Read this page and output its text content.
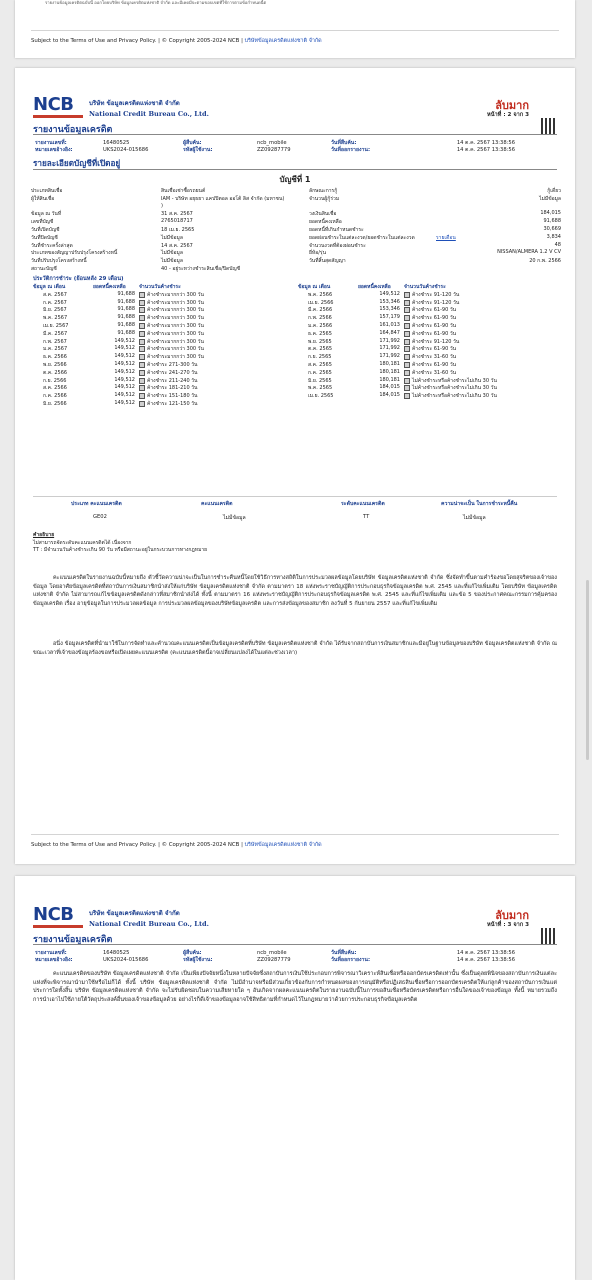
รายงานข้อมูลเครดิตฉบับนี้ ออกโดยบริษัท ข้อมูลเครดิตแห่งชาติ จำกัด และมีเคดมีจะตามขอบเขตที่ใช้การตามข้อกำหนดนี้ต
Subject to the Terms of Use and Privacy Policy. | © Copyright 2005-2024 NCB | บริษัทข้อมูลเครดิตแห่งชาติ จำกัด
NCB	บริษัท ข้อมูลเครดิตแห่งชาติ จำกัด
National Credit Bureau Co., Ltd.
ลับมาก
หน้าที่ : 2 จาก 3
รายงานข้อมูลเครดิต
รายงานเลขที่:	16480525	ผู้สืบค้น:	ncb_mobile	วันที่สืบค้น:	14 ต.ค. 2567 13:38:56
หมายเลขอ้างอิง:	UKS2024-015686	รหัสผู้ใช้งาน:	ZZ09287779	วันที่ออกรายงาน:	14 ต.ค. 2567 13:38:56
รายละเอียดบัญชีที่เปิดอยู่
บัญชีที่ 1
ประเภทสินเชื่อ	สินเชื่อเช่าซื้อรถยนต์	ลักษณะการกู้	กู้เดี่ยว
ผู้ให้สินเชื่อ	IAM - บริษัท อยุธยา แคปปิตอล ออโต้ ลิส จำกัด (มหาชน)	จำนวนผู้กู้ร่วม	ไม่มีข้อมูล
)
ข้อมูล ณ วันที่	31 ส.ค. 2567	วงเงินสินเชื่อ	184,015
เลขที่บัญชี	2765018717	ยอดหนี้คงเหลือ	91,688
วันที่เปิดบัญชี	18 เม.ย. 2565	ยอดหนี้ที่เกินกำหนดชำระ	30,669
วันที่ปิดบัญชี	ไม่มีข้อมูล	ยอดผ่อนชำระในแต่ละงวด/ยอดชำระในแต่ละงวด	รายเดือน	3,834
วันที่ชำระครั้งล่าสุด	14 ส.ค. 2567	จำนวนงวดที่ต้องผ่อนชำระ	48
ประเภทของสัญญาปรับปรุงโครงสร้างหนี้	ไม่มีข้อมูล	ยี่ห้อ/รุ่น	NISSAN/ALMERA 1.2 V CV
วันที่ปรับปรุงโครงสร้างหนี้	ไม่มีข้อมูล	วันที่สิ้นสุดสัญญา	20 ก.พ. 2566
สถานะบัญชี	40 - อยู่ระหว่างชำระสินเชื่อ/ปิดบัญชี
ประวัติการชำระ (ย้อนหลัง 29 เดือน)
ข้อมูล ณ เดือน	ยอดหนี้คงเหลือ	จำนวนวันค้างชำระ
ส.ค. 2567	91,688 ค้างชำระมากกว่า 300 วัน
ก.ค. 2567	91,688 ค้างชำระมากกว่า 300 วัน
มิ.ย. 2567	91,688 ค้างชำระมากกว่า 300 วัน
พ.ค. 2567	91,688 ค้างชำระมากกว่า 300 วัน
เม.ย. 2567	91,688 ค้างชำระมากกว่า 300 วัน
มี.ค. 2567	91,688 ค้างชำระมากกว่า 300 วัน
ก.พ. 2567	149,512 ค้างชำระมากกว่า 300 วัน
ม.ค. 2567	149,512 ค้างชำระมากกว่า 300 วัน
ธ.ค. 2566	149,512 ค้างชำระมากกว่า 300 วัน
พ.ย. 2566	149,512 ค้างชำระ 271-300 วัน
ต.ค. 2566	149,512 ค้างชำระ 241-270 วัน
ก.ย. 2566	149,512 ค้างชำระ 211-240 วัน
ส.ค. 2566	149,512 ค้างชำระ 181-210 วัน
ก.ค. 2566	149,512 ค้างชำระ 151-180 วัน
มิ.ย. 2566	149,512 ค้างชำระ 121-150 วัน
ข้อมูล ณ เดือน	ยอดหนี้คงเหลือ	จำนวนวันค้างชำระ
พ.ค. 2566	149,512 ค้างชำระ 91-120 วัน
เม.ย. 2566	153,346 ค้างชำระ 91-120 วัน
มี.ค. 2566	153,346 ค้างชำระ 61-90 วัน
ก.พ. 2566	157,179 ค้างชำระ 61-90 วัน
ม.ค. 2566	161,013 ค้างชำระ 61-90 วัน
ธ.ค. 2565	164,847 ค้างชำระ 61-90 วัน
พ.ย. 2565	171,992 ค้างชำระ 91-120 วัน
ต.ค. 2565	171,992 ค้างชำระ 61-90 วัน
ก.ย. 2565	171,992 ค้างชำระ 31-60 วัน
ส.ค. 2565	180,181 ค้างชำระ 61-90 วัน
ก.ค. 2565	180,181 ค้างชำระ 31-60 วัน
มิ.ย. 2565	180,181 ไม่ค้างชำระหรือค้างชำระไม่เกิน 30 วัน
พ.ค. 2565	184,015 ไม่ค้างชำระหรือค้างชำระไม่เกิน 30 วัน
เม.ย. 2565	184,015 ไม่ค้างชำระหรือค้างชำระไม่เกิน 30 วัน
ประเภท คะแนนเครดิต	คะแนนเครดิต	ระดับคะแนนเครดิต	ความน่าจะเป็น ในการชำระหนี้คืน
GE02	ไม่มีข้อมูล	TT	ไม่มีข้อมูล
คำอธิบาย
ไม่สามารถจัดระดับคะแนนเครดิตได้ เนื่องจาก
TT : มีจำนวนวันค้างชำระเกิน 90 วัน หรือมีสถานะอยู่ในกระบวนการทางกฎหมาย
คะแนนเครดิตในรายงานฉบับนี้หมายถึง ตัวชี้วัดความน่าจะเป็นในการชำระคืนหนี้โดยใช้วิธีการทางสถิติในการประมวลผลข้อมูลโดยบริษัท ข้อมูลเครดิตแห่งชาติ จำกัด ซึ่งจัดทำขึ้นตามคำร้องขอโดยสุจริตของเจ้าของข้อมูล โดยอาศัยข้อมูลเครดิตที่สถาบันการเงินสมาชิกนำส่งให้แก่บริษัท ข้อมูลเครดิตแห่งชาติ จำกัด ตามมาตรา 18 แห่งพระราชบัญญัติการประกอบธุรกิจข้อมูลเครดิต พ.ศ. 2545 และที่แก้ไขเพิ่มเติม โดยบริษัท ข้อมูลเครดิตแห่งชาติ จำกัด ไม่สามารถแก้ไขข้อมูลเครดิตดังกล่าวที่สมาชิกนำส่งได้ ทั้งนี้ ตามมาตรา 16 แห่งพระราชบัญญัติการประกอบธุรกิจข้อมูลเครดิต พ.ศ. 2545 และที่แก้ไขเพิ่มเติม และข้อ 5 ของประกาศคณะกรรมการคุ้มครองข้อมูลเครดิต เรื่อง อายุข้อมูลในการประมวลผลข้อมูล การประมวลผลข้อมูลของบริษัทข้อมูลเครดิต และการส่งข้อมูลของสมาชิก ลงวันที่ 5 กันยายน 2557 และที่แก้ไขเพิ่มเติม
อนึ่ง ข้อมูลเครดิตที่นำมาใช้ในการจัดทำและคำนวณคะแนนเครดิตเป็นข้อมูลเครดิตที่บริษัท ข้อมูลเครดิตแห่งชาติ จำกัด ได้รับจากสถาบันการเงินสมาชิกและมีอยู่ในฐานข้อมูลของบริษัท ข้อมูลเครดิตแห่งชาติ จำกัด ณ ขณะเวลาที่เจ้าของข้อมูลร้องขอหรือเปิดเผยคะแนนเครดิต (คะแนนเครดิตนี้อาจเปลี่ยนแปลงได้ในแต่ละช่วงเวลา)
Subject to the Terms of Use and Privacy Policy. | © Copyright 2005-2024 NCB | บริษัทข้อมูลเครดิตแห่งชาติ จำกัด
NCB	บริษัท ข้อมูลเครดิตแห่งชาติ จำกัด
National Credit Bureau Co., Ltd.
ลับมาก
หน้าที่ : 3 จาก 3
รายงานข้อมูลเครดิต
รายงานเลขที่:	16480525	ผู้สืบค้น:	ncb_mobile	วันที่สืบค้น:	14 ต.ค. 2567 13:38:56
หมายเลขอ้างอิง:	UKS2024-015686	รหัสผู้ใช้งาน:	ZZ09287779	วันที่ออกรายงาน:	14 ต.ค. 2567 13:38:56
คะแนนเครดิตของบริษัท ข้อมูลเครดิตแห่งชาติ จำกัด เป็นเพียงปัจจัยหนึ่งในหลายปัจจัยซึ่งสถาบันการเงินใช้ประกอบการพิจารณาวิเคราะห์สินเชื่อหรือออกบัตรเครดิตเท่านั้น ซึ่งเป็นดุลยพินิจของสถาบันการเงินแต่ละแห่งที่จะพิจารณานำมาใช้หรือไม่ก็ได้ ทั้งนี้ บริษัท ข้อมูลเครดิตแห่งชาติ จำกัด ไม่มีอำนาจหรือมีส่วนเกี่ยวข้องกับการกำหนดผลของการอนุมัติหรือปฏิเสธสินเชื่อหรือการออกบัตรเครดิตให้แก่ลูกค้าของสถาบันการเงินแต่ประการใดทั้งสิ้น บริษัท ข้อมูลเครดิตแห่งชาติ จำกัด จะไม่รับผิดชอบในความเสียหายใด ๆ อันเกิดจากผลคะแนนเครดิตในรายงานฉบับนี้ในการขอสินเชื่อหรือบัตรเครดิตหรือการอื่นใดของเจ้าของข้อมูล ทั้งนี้ หมายรวมถึงการนำเอาไปใช้ภายใต้วัตถุประสงค์อื่นของเจ้าของข้อมูลด้วย อย่างไรก็ดีเจ้าของข้อมูลอาจใช้สิทธิตามที่กำหนดไว้ในกฎหมายว่าด้วยการประกอบธุรกิจข้อมูลเครดิต
